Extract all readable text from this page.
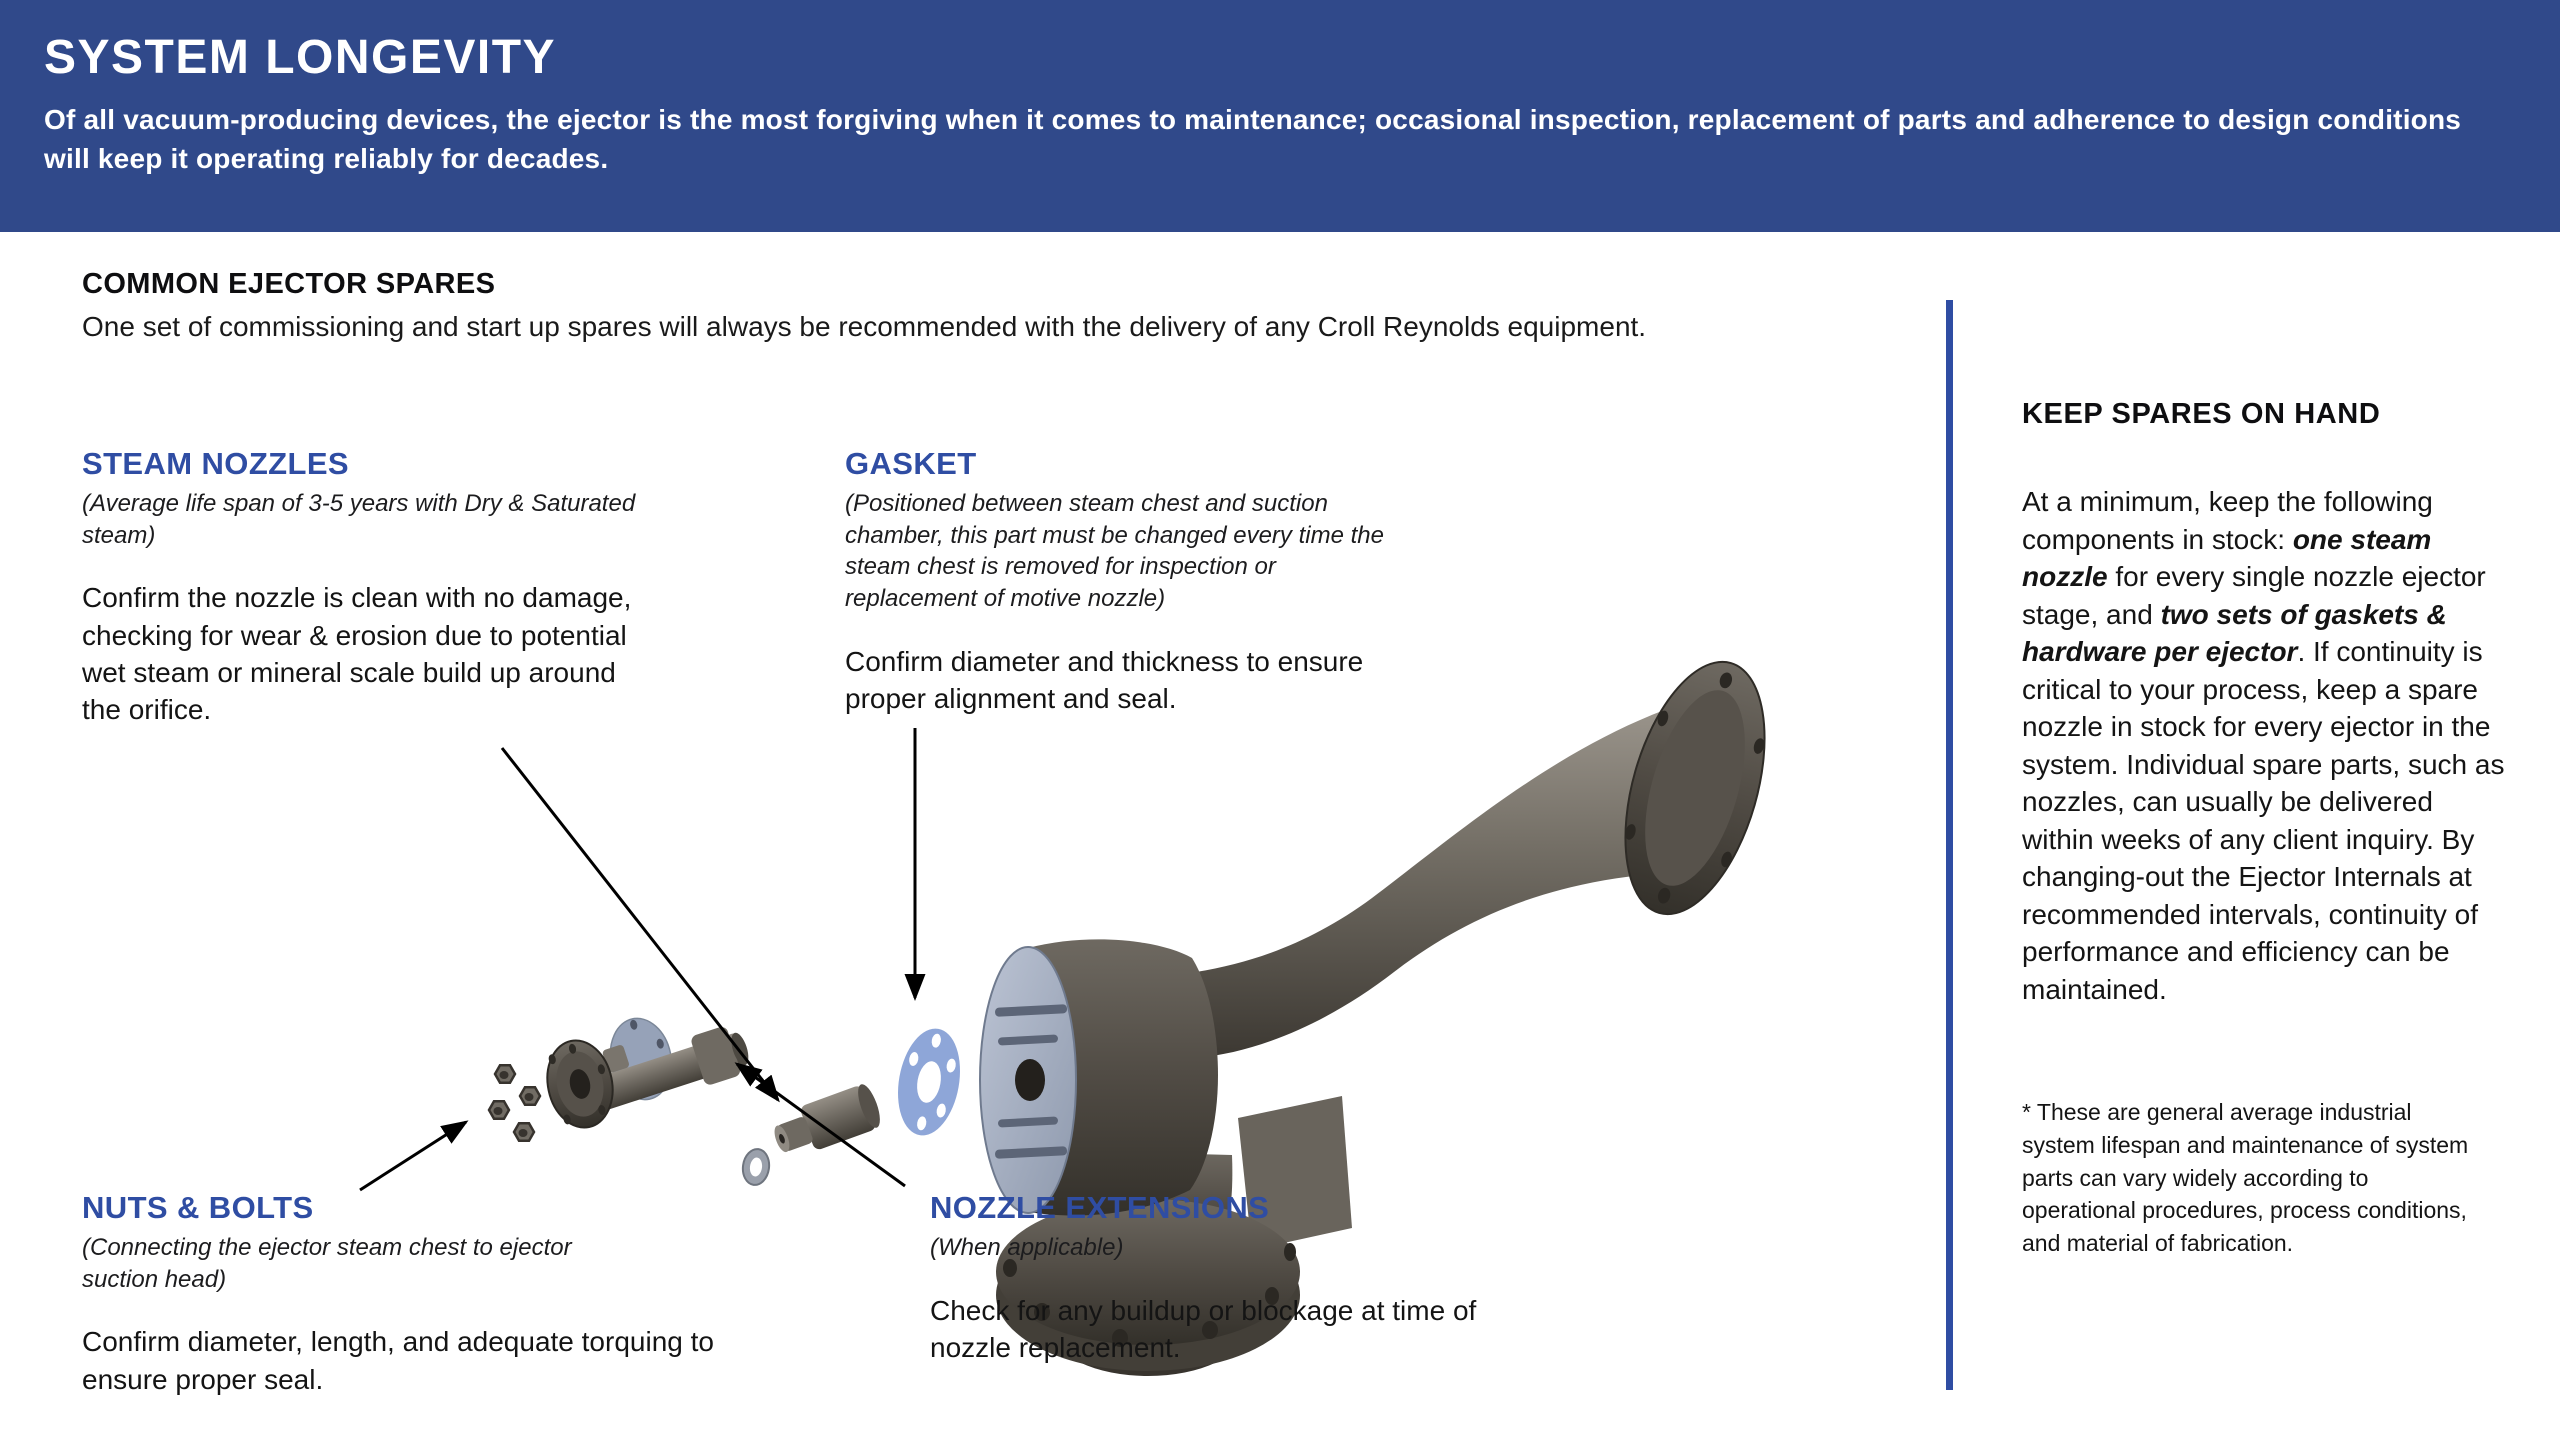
SYSTEM LONGEVITY

Of all vacuum-producing devices, the ejector is the most forgiving when it comes to maintenance; occasional inspection, replacement of parts and adherence to design conditions will keep it operating reliably for decades.

COMMON EJECTOR SPARES

One set of commissioning and start up spares will always be recommended with the delivery of any Croll Reynolds equipment.

STEAM NOZZLES

(Average life span of 3-5 years with Dry & Saturated steam)

Confirm the nozzle is clean with no damage, checking for wear & erosion due to potential wet steam or mineral scale build up around the orifice.

GASKET

(Positioned between steam chest and suction chamber, this part must be changed every time the steam chest is removed for inspection or replacement of motive nozzle)

Confirm diameter and thickness to ensure proper alignment and seal.

NUTS & BOLTS

(Connecting the ejector steam chest to ejector suction head)

Confirm diameter, length, and adequate torquing to ensure proper seal.

NOZZLE EXTENSIONS

(When applicable)

Check for any buildup or blockage at time of nozzle replacement.

KEEP SPARES ON HAND

At a minimum, keep the following components in stock: one steam nozzle for every single nozzle ejector stage, and two sets of gaskets & hardware per ejector. If continuity is critical to your process, keep a spare nozzle in stock for every ejector in the system. Individual spare parts, such as nozzles, can usually be delivered within weeks of any client inquiry. By changing-out the Ejector Internals at recommended intervals, continuity of performance and efficiency can be maintained.

* These are general average industrial system lifespan and maintenance of system parts can vary widely according to operational procedures, process conditions, and material of fabrication.
